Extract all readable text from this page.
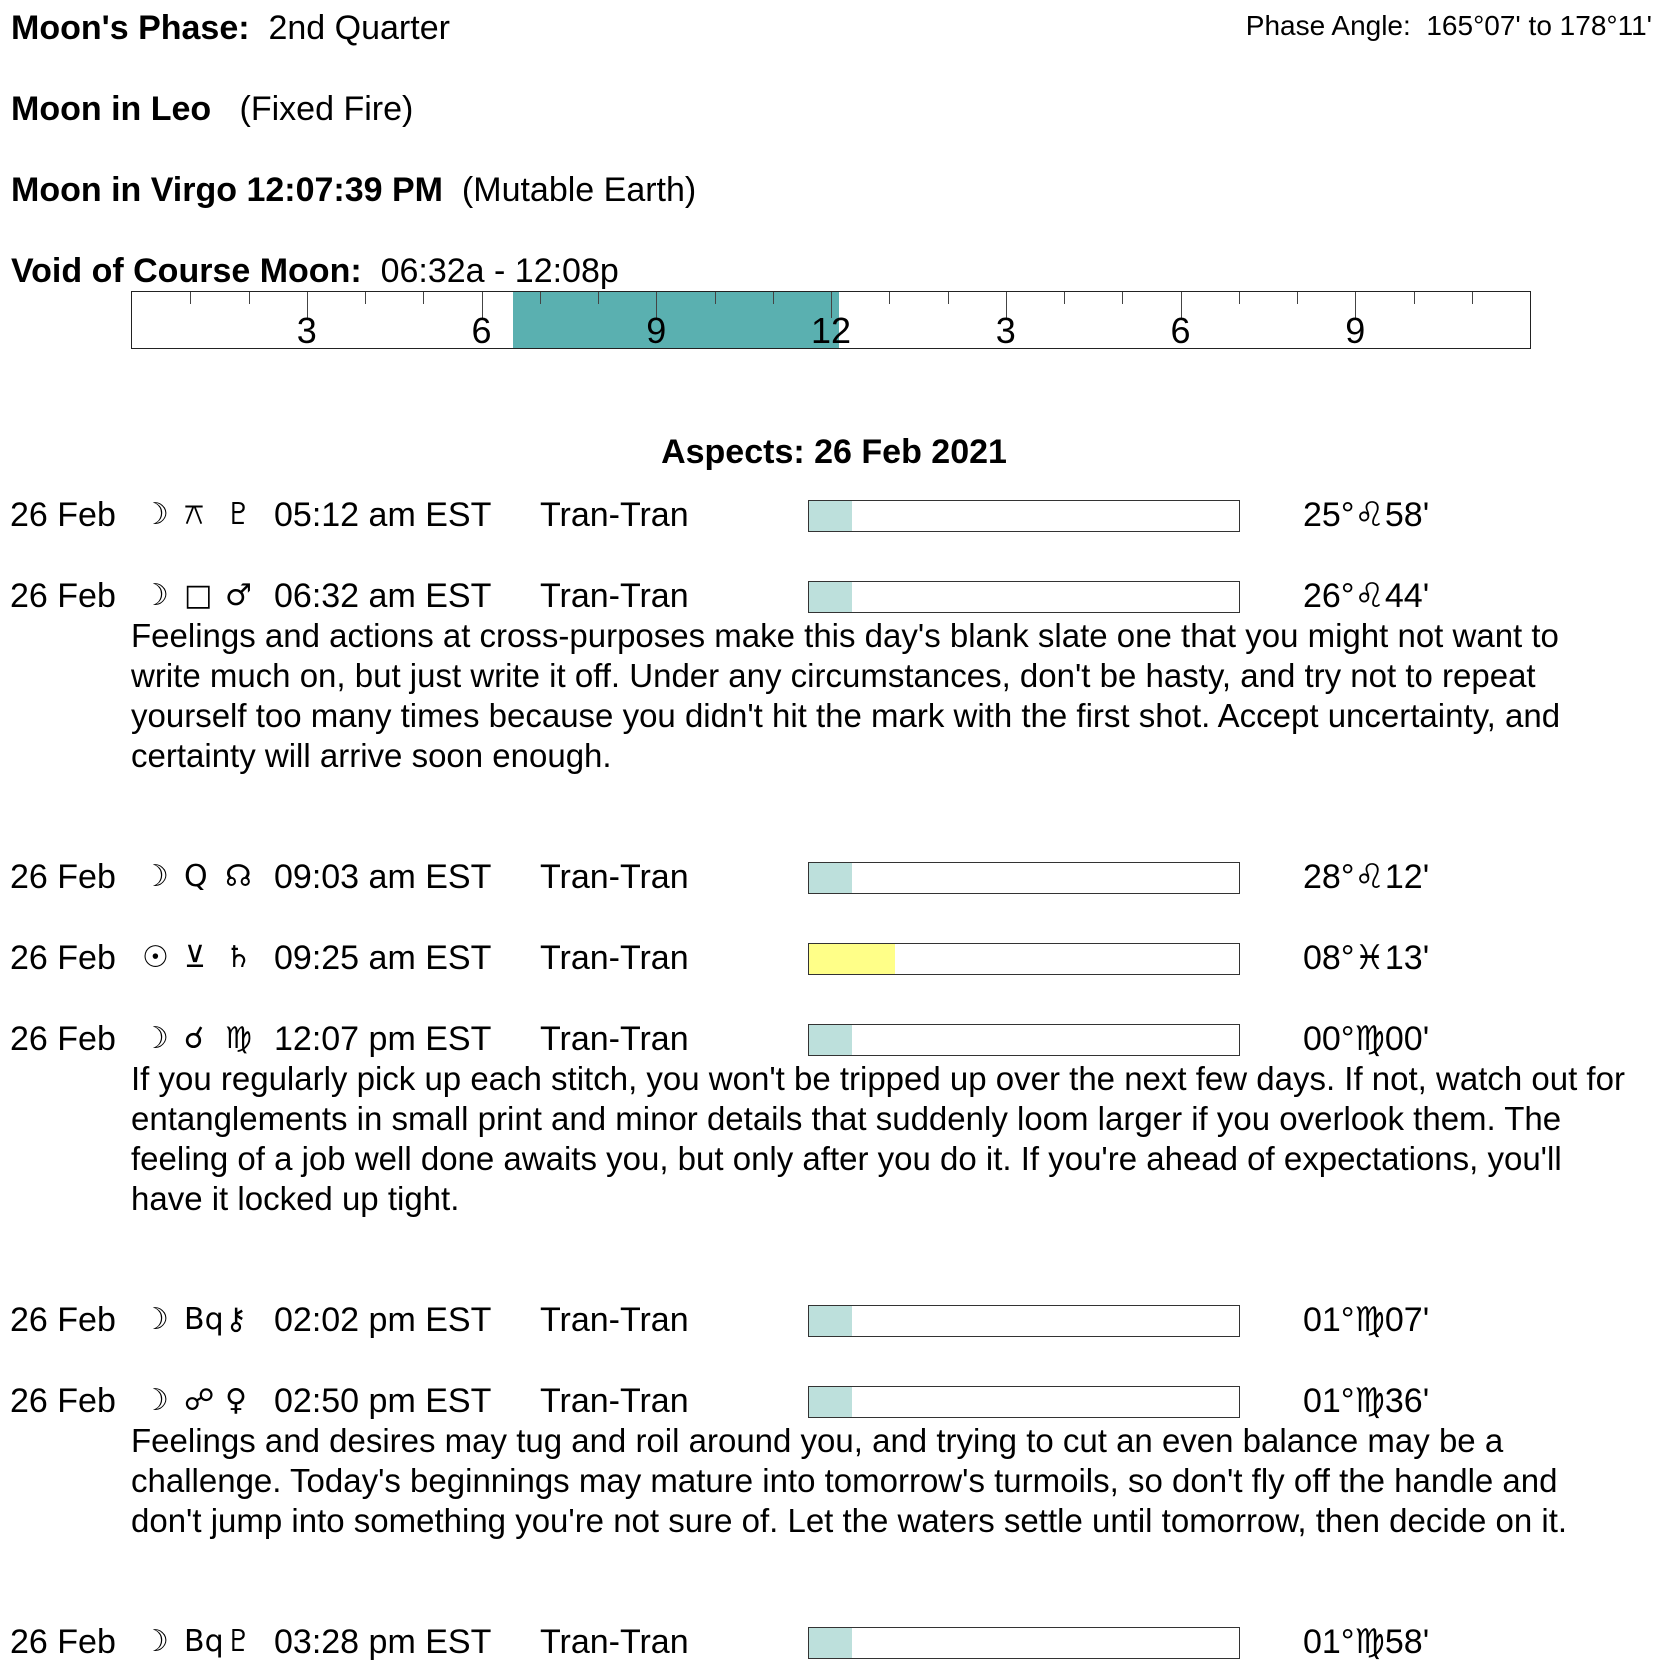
Moon's Phase: 2nd Quarter	Phase Angle: 165°07' to 178°11'
Moon in Leo (Fixed Fire)
Moon in Virgo 12:07:39 PM (Mutable Earth)
Void of Course Moon: 06:32a - 12:08p
3	6	9	12	3	6	9
Aspects: 26 Feb 2021
26 Feb ☽ ⚻ ♇ 05:12 am EST Tran-Tran	25°♌58'
26 Feb ☽ □ ♂ 06:32 am EST Tran-Tran	26°♌44'
Feelings and actions at cross-purposes make this day's blank slate one that you might not want to write much on, but just write it off. Under any circumstances, don't be hasty, and try not to repeat yourself too many times because you didn't hit the mark with the first shot. Accept uncertainty, and certainty will arrive soon enough.
26 Feb ☽ Q ☊ 09:03 am EST Tran-Tran	28°♌12'
26 Feb ☉ ⊻ ♄ 09:25 am EST Tran-Tran	08°♓13'
26 Feb ☽ ☌ ♍ 12:07 pm EST Tran-Tran	00°♍00'
If you regularly pick up each stitch, you won't be tripped up over the next few days. If not, watch out for entanglements in small print and minor details that suddenly loom larger if you overlook them. The feeling of a job well done awaits you, but only after you do it. If you're ahead of expectations, you'll have it locked up tight.
26 Feb ☽ Bq ⚷ 02:02 pm EST Tran-Tran	01°♍07'
26 Feb ☽ ☍ ♀ 02:50 pm EST Tran-Tran	01°♍36'
Feelings and desires may tug and roil around you, and trying to cut an even balance may be a challenge. Today's beginnings may mature into tomorrow's turmoils, so don't fly off the handle and don't jump into something you're not sure of. Let the waters settle until tomorrow, then decide on it.
26 Feb ☽ Bq ♇ 03:28 pm EST Tran-Tran	01°♍58'
